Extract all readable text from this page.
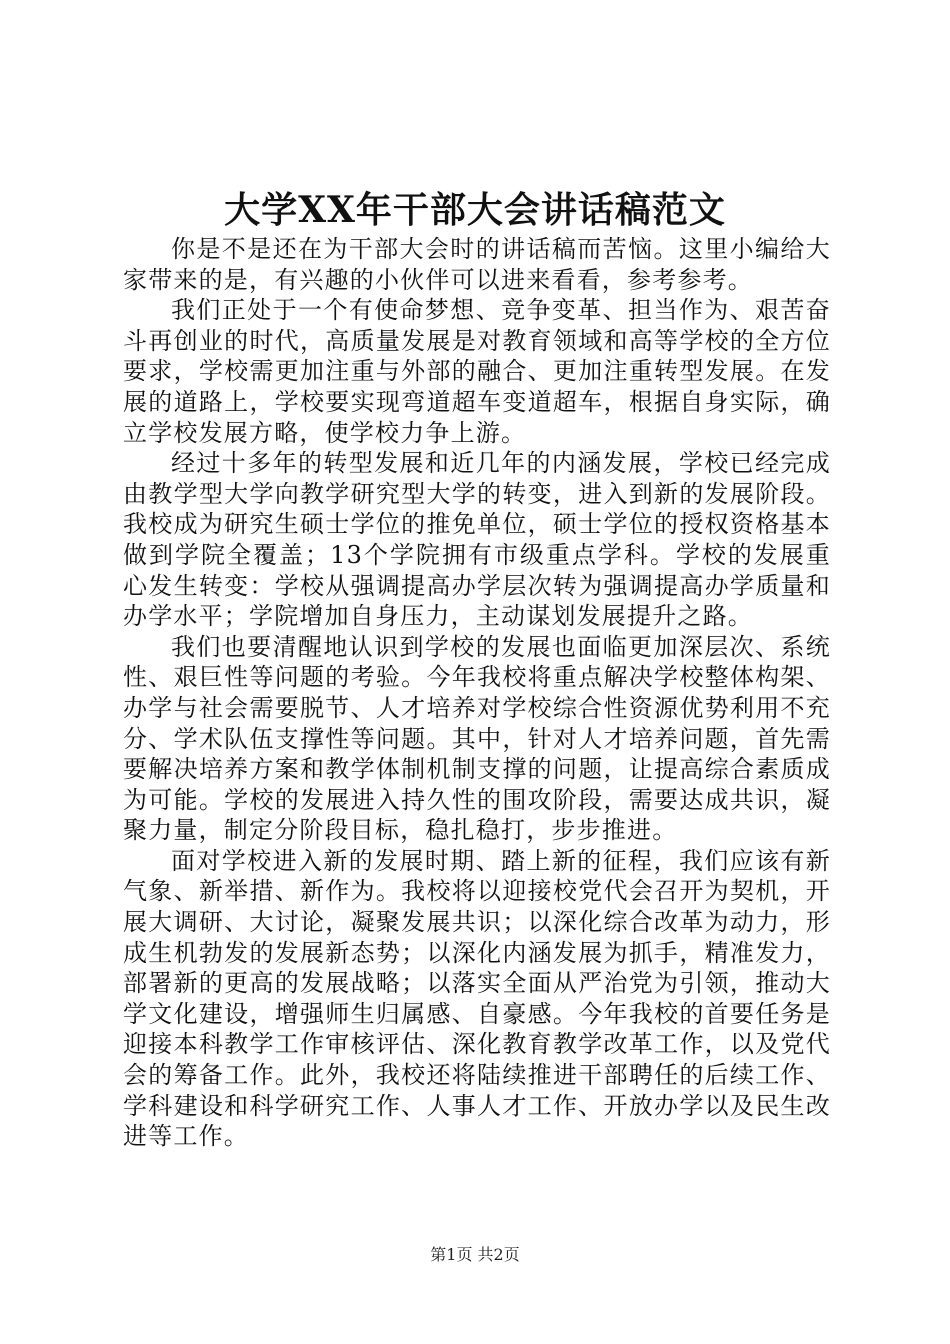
大学XX年干部大会讲话稿范文

你是不是还在为干部大会时的讲话稿而苦恼。这里小编给大家带来的是，有兴趣的小伙伴可以进来看看，参考参考。

我们正处于一个有使命梦想、竞争变革、担当作为、艰苦奋斗再创业的时代，高质量发展是对教育领域和高等学校的全方位要求，学校需更加注重与外部的融合、更加注重转型发展。在发展的道路上，学校要实现弯道超车变道超车，根据自身实际，确立学校发展方略，使学校力争上游。

经过十多年的转型发展和近几年的内涵发展，学校已经完成由教学型大学向教学研究型大学的转变，进入到新的发展阶段。我校成为研究生硕士学位的推免单位，硕士学位的授权资格基本做到学院全覆盖；13个学院拥有市级重点学科。学校的发展重心发生转变：学校从强调提高办学层次转为强调提高办学质量和办学水平；学院增加自身压力，主动谋划发展提升之路。

我们也要清醒地认识到学校的发展也面临更加深层次、系统性、艰巨性等问题的考验。今年我校将重点解决学校整体构架、办学与社会需要脱节、人才培养对学校综合性资源优势利用不充分、学术队伍支撑性等问题。其中，针对人才培养问题，首先需要解决培养方案和教学体制机制支撑的问题，让提高综合素质成为可能。学校的发展进入持久性的围攻阶段，需要达成共识，凝聚力量，制定分阶段目标，稳扎稳打，步步推进。

面对学校进入新的发展时期、踏上新的征程，我们应该有新气象、新举措、新作为。我校将以迎接校党代会召开为契机，开展大调研、大讨论，凝聚发展共识；以深化综合改革为动力，形成生机勃发的发展新态势；以深化内涵发展为抓手，精准发力，部署新的更高的发展战略；以落实全面从严治党为引领，推动大学文化建设，增强师生归属感、自豪感。今年我校的首要任务是迎接本科教学工作审核评估、深化教育教学改革工作，以及党代会的筹备工作。此外，我校还将陆续推进干部聘任的后续工作、学科建设和科学研究工作、人事人才工作、开放办学以及民生改进等工作。

第1页 共2页
